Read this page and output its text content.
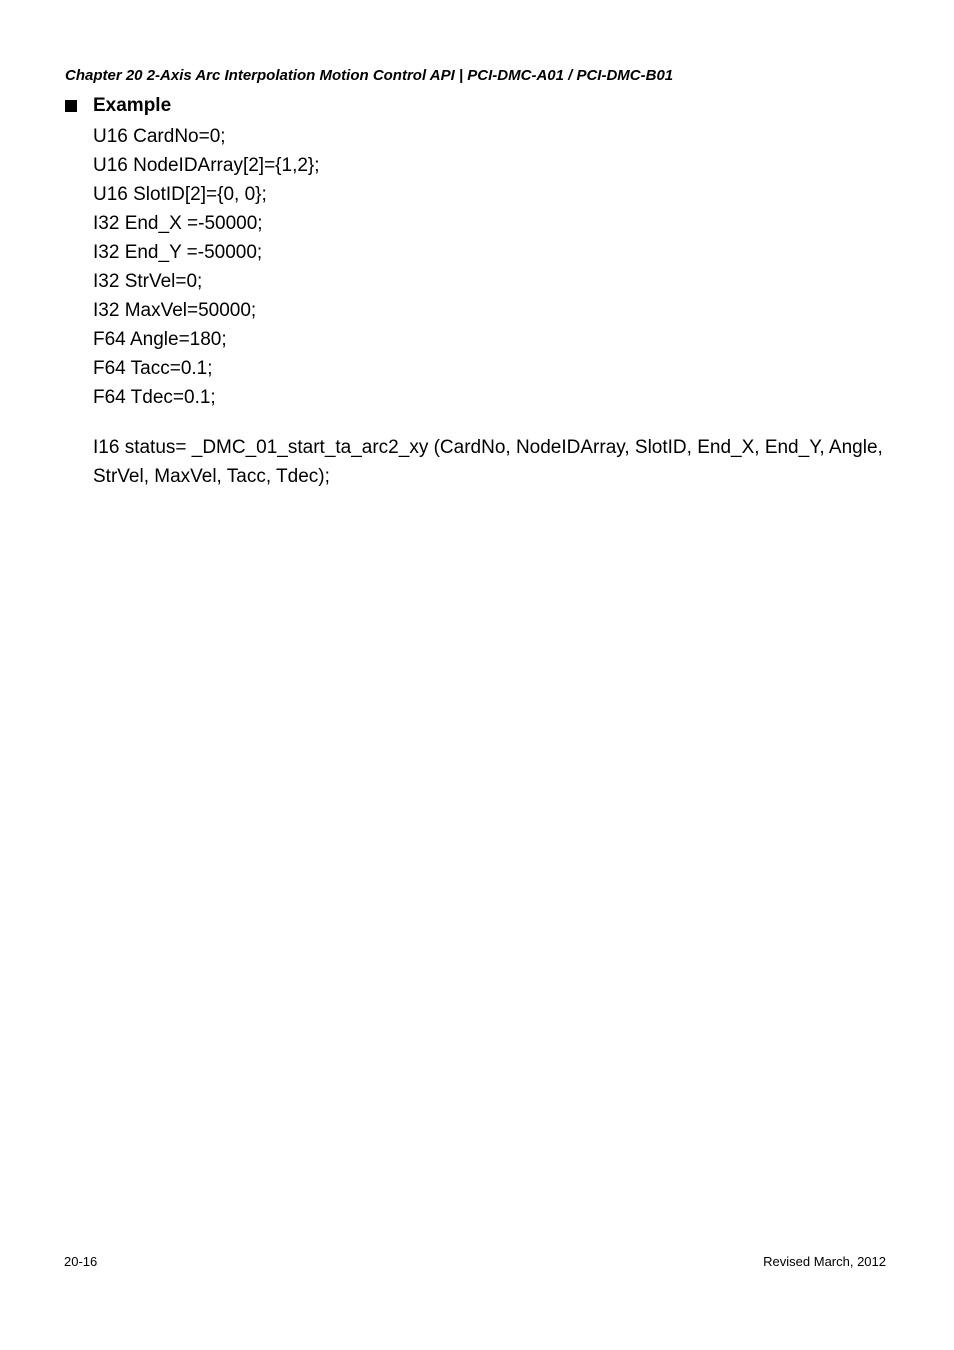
Chapter 20 2-Axis Arc Interpolation Motion Control API | PCI-DMC-A01 / PCI-DMC-B01
Example
U16 CardNo=0;
U16 NodeIDArray[2]={1,2};
U16 SlotID[2]={0, 0};
I32 End_X =-50000;
I32 End_Y =-50000;
I32 StrVel=0;
I32 MaxVel=50000;
F64 Angle=180;
F64 Tacc=0.1;
F64 Tdec=0.1;
I16 status= _DMC_01_start_ta_arc2_xy (CardNo, NodeIDArray, SlotID, End_X, End_Y, Angle, StrVel, MaxVel, Tacc, Tdec);
20-16	Revised March, 2012
